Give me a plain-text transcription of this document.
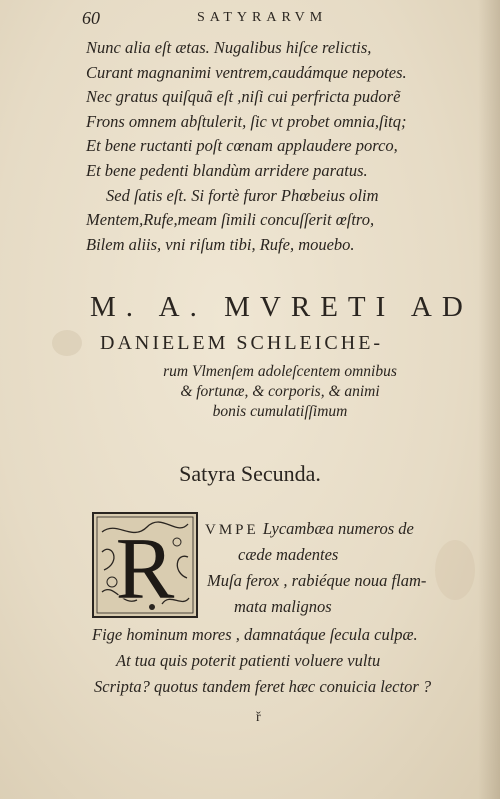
60	SATYRARVM
Nunc alia eſt ætas. Nugalibus hiſce relictis,
Curant magnanimi ventrem,caudámque nepotes.
Nec gratus quiſquã eſt ,niſi cui perfricta pudorẽ
Frons omnem abſtulerit, ſic vt probet omnia,ſitq;
Et bene ructanti poſt cœnam applaudere porco,
Et bene pedenti blandùm arridere paratus.
Sed ſatis eſt. Si fortè furor Phœbeius olim
Mentem,Rufe,meam ſimili concuſſerit œſtro,
Bilem aliis, vni riſum tibi, Rufe, mouebo.
M. A. MVRETI AD
DANIELEM SCHLEICHE-
rum Vlmenſem adoleſcentem omnibus
& fortunæ, & corporis, & animi
bonis cumulatiſſimum
Satyra Secunda.
R VMPE Lycambæa numeros de
cæde madentes
Muſa ferox , rabiéque noua flam-
mata malignos
Fige hominum mores , damnatáque ſecula culpæ.
At tua quis poterit patienti voluere vultu
Scripta? quotus tandem feret hæc conuicia lector ?
ř
